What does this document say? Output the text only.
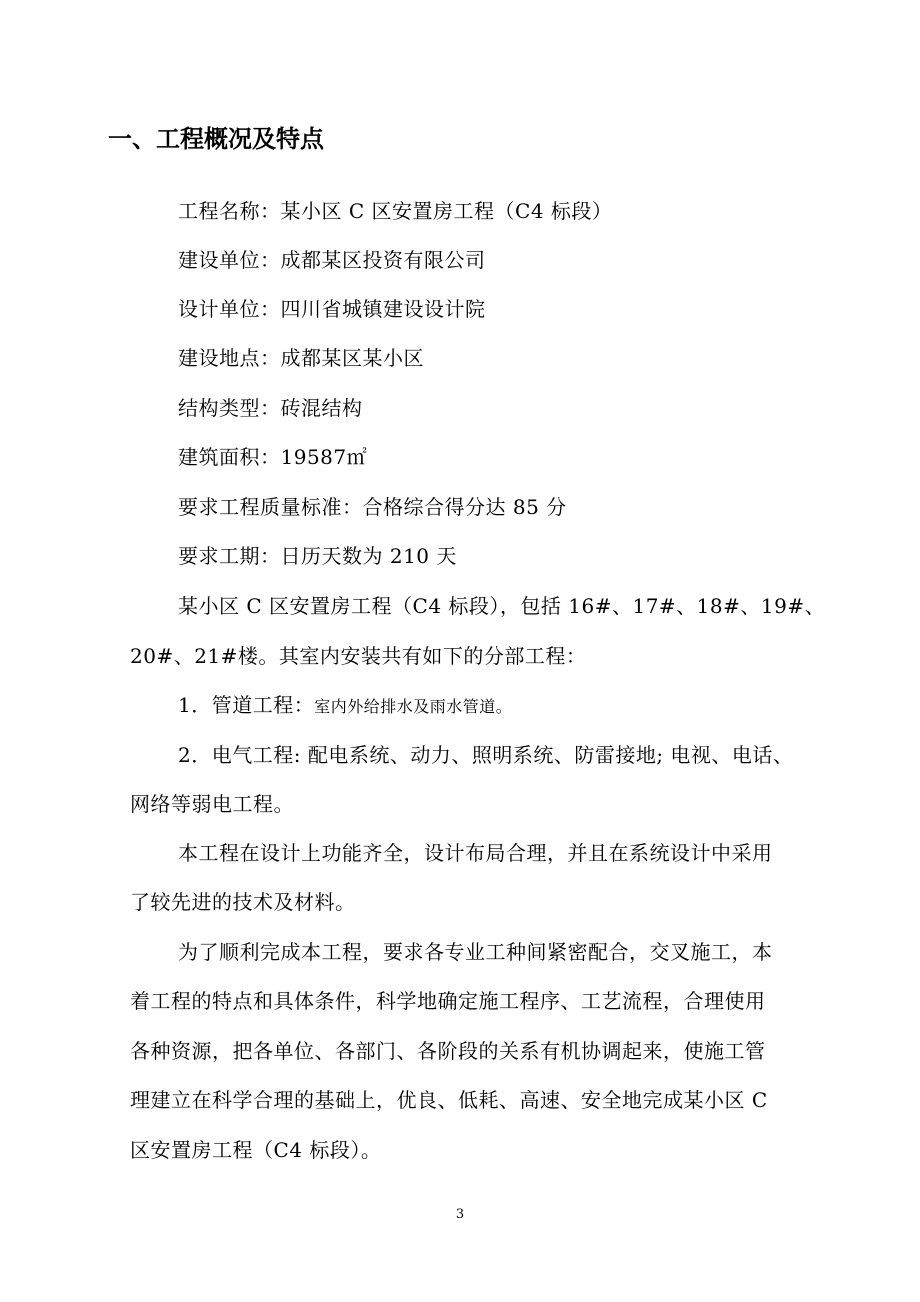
一、工程概况及特点
工程名称：某小区 C 区安置房工程（C4 标段）
建设单位：成都某区投资有限公司
设计单位：四川省城镇建设设计院
建设地点：成都某区某小区
结构类型：砖混结构
建筑面积：19587㎡
要求工程质量标准：合格综合得分达 85 分
要求工期：日历天数为 210 天
某小区 C 区安置房工程（C4 标段），包括 16#、17#、18#、19#、
20#、21#楼。其室内安装共有如下的分部工程：
1．管道工程：室内外给排水及雨水管道。
2．电气工程: 配电系统、动力、照明系统、防雷接地; 电视、电话、
网络等弱电工程。
本工程在设计上功能齐全，设计布局合理，并且在系统设计中采用
了较先进的技术及材料。
为了顺利完成本工程，要求各专业工种间紧密配合，交叉施工，本
着工程的特点和具体条件，科学地确定施工程序、工艺流程，合理使用
各种资源，把各单位、各部门、各阶段的关系有机协调起来，使施工管
理建立在科学合理的基础上，优良、低耗、高速、安全地完成某小区 C
区安置房工程（C4 标段）。
3
